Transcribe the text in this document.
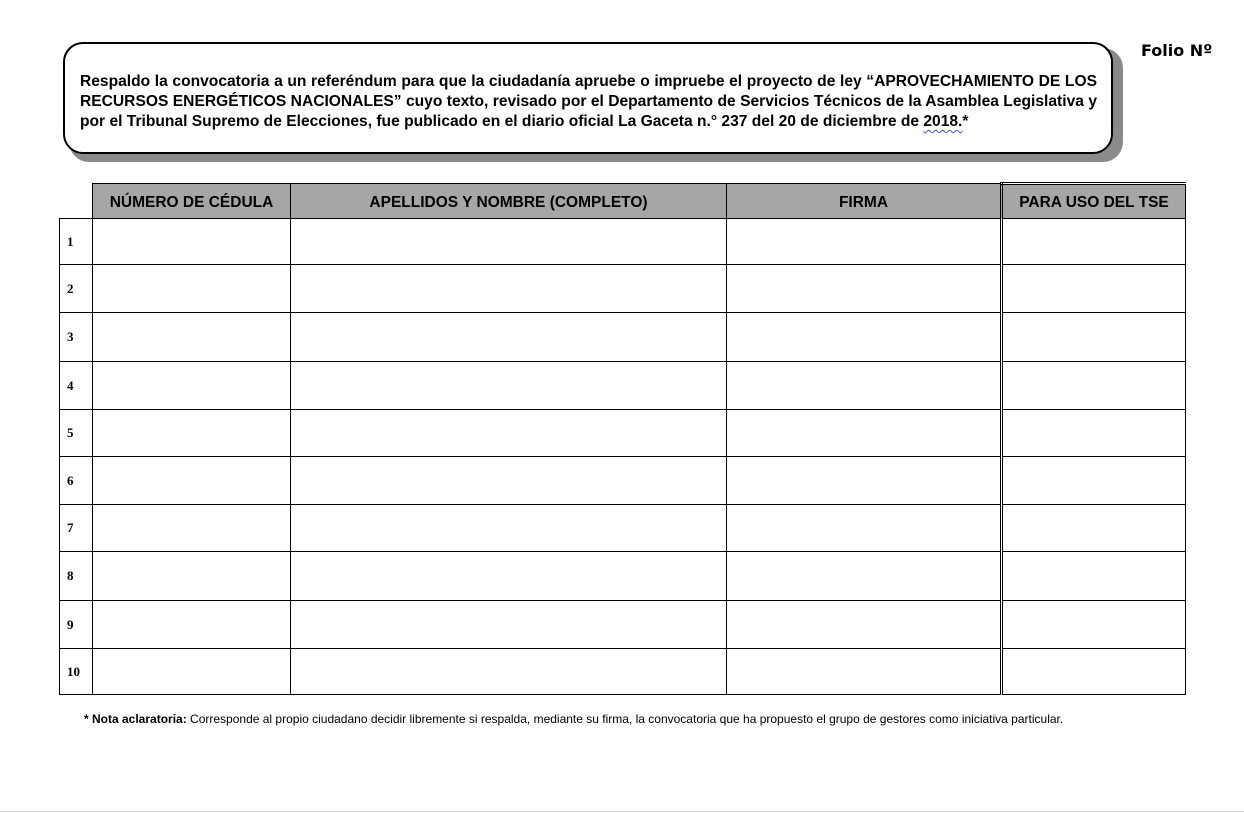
Folio Nº

Respaldo la convocatoria a un referéndum para que la ciudadanía apruebe o impruebe el proyecto de ley “APROVECHAMIENTO DE LOS RECURSOS ENERGÉTICOS NACIONALES” cuyo texto, revisado por el Departamento de Servicios Técnicos de la Asamblea Legislativa y por el Tribunal Supremo de Elecciones, fue publicado en el diario oficial La Gaceta n.° 237 del 20 de diciembre de 2018.*

	NÚMERO DE CÉDULA	APELLIDOS Y NOMBRE (COMPLETO)	FIRMA	PARA USO DEL TSE
1				
2				
3				
4				
5				
6				
7				
8				
9				
10				
* Nota aclaratoria: Corresponde al propio ciudadano decidir libremente si respalda, mediante su firma, la convocatoria que ha propuesto el grupo de gestores como iniciativa particular.
